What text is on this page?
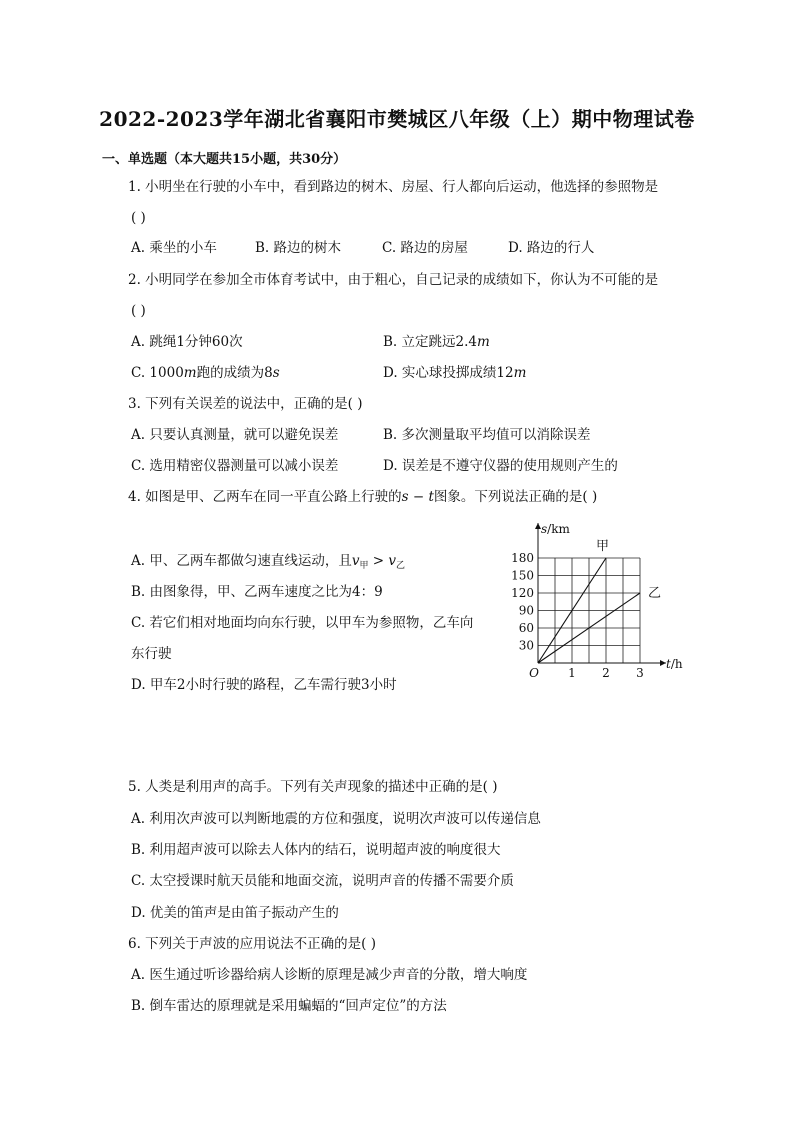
2022-2023学年湖北省襄阳市樊城区八年级（上）期中物理试卷
一、单选题（本大题共15小题，共30分）
1. 小明坐在行驶的小车中，看到路边的树木、房屋、行人都向后运动，他选择的参照物是
( )
A. 乘坐的小车	B. 路边的树木	C. 路边的房屋	D. 路边的行人
2. 小明同学在参加全市体育考试中，由于粗心，自己记录的成绩如下，你认为不可能的是
( )
A. 跳绳1分钟60次	B. 立定跳远2.4m
C. 1000m跑的成绩为8s	D. 实心球投掷成绩12m
3. 下列有关误差的说法中，正确的是( )
A. 只要认真测量，就可以避免误差	B. 多次测量取平均值可以消除误差
C. 选用精密仪器测量可以减小误差	D. 误差是不遵守仪器的使用规则产生的
4. 如图是甲、乙两车在同一平直公路上行驶的s − t图象。下列说法正确的是( )
A. 甲、乙两车都做匀速直线运动，且$v_甲 > v_乙$
B. 由图象得，甲、乙两车速度之比为4：9
C. 若它们相对地面均向东行驶，以甲车为参照物，乙车向
东行驶
D. 甲车2小时行驶的路程，乙车需行驶3小时
30
60
90
120
150
180
1 2 3
O
s/km
t/h
甲
乙
5. 人类是利用声的高手。下列有关声现象的描述中正确的是( )
A. 利用次声波可以判断地震的方位和强度，说明次声波可以传递信息
B. 利用超声波可以除去人体内的结石，说明超声波的响度很大
C. 太空授课时航天员能和地面交流，说明声音的传播不需要介质
D. 优美的笛声是由笛子振动产生的
6. 下列关于声波的应用说法不正确的是( )
A. 医生通过听诊器给病人诊断的原理是减少声音的分散，增大响度
B. 倒车雷达的原理就是采用蝙蝠的“回声定位”的方法
